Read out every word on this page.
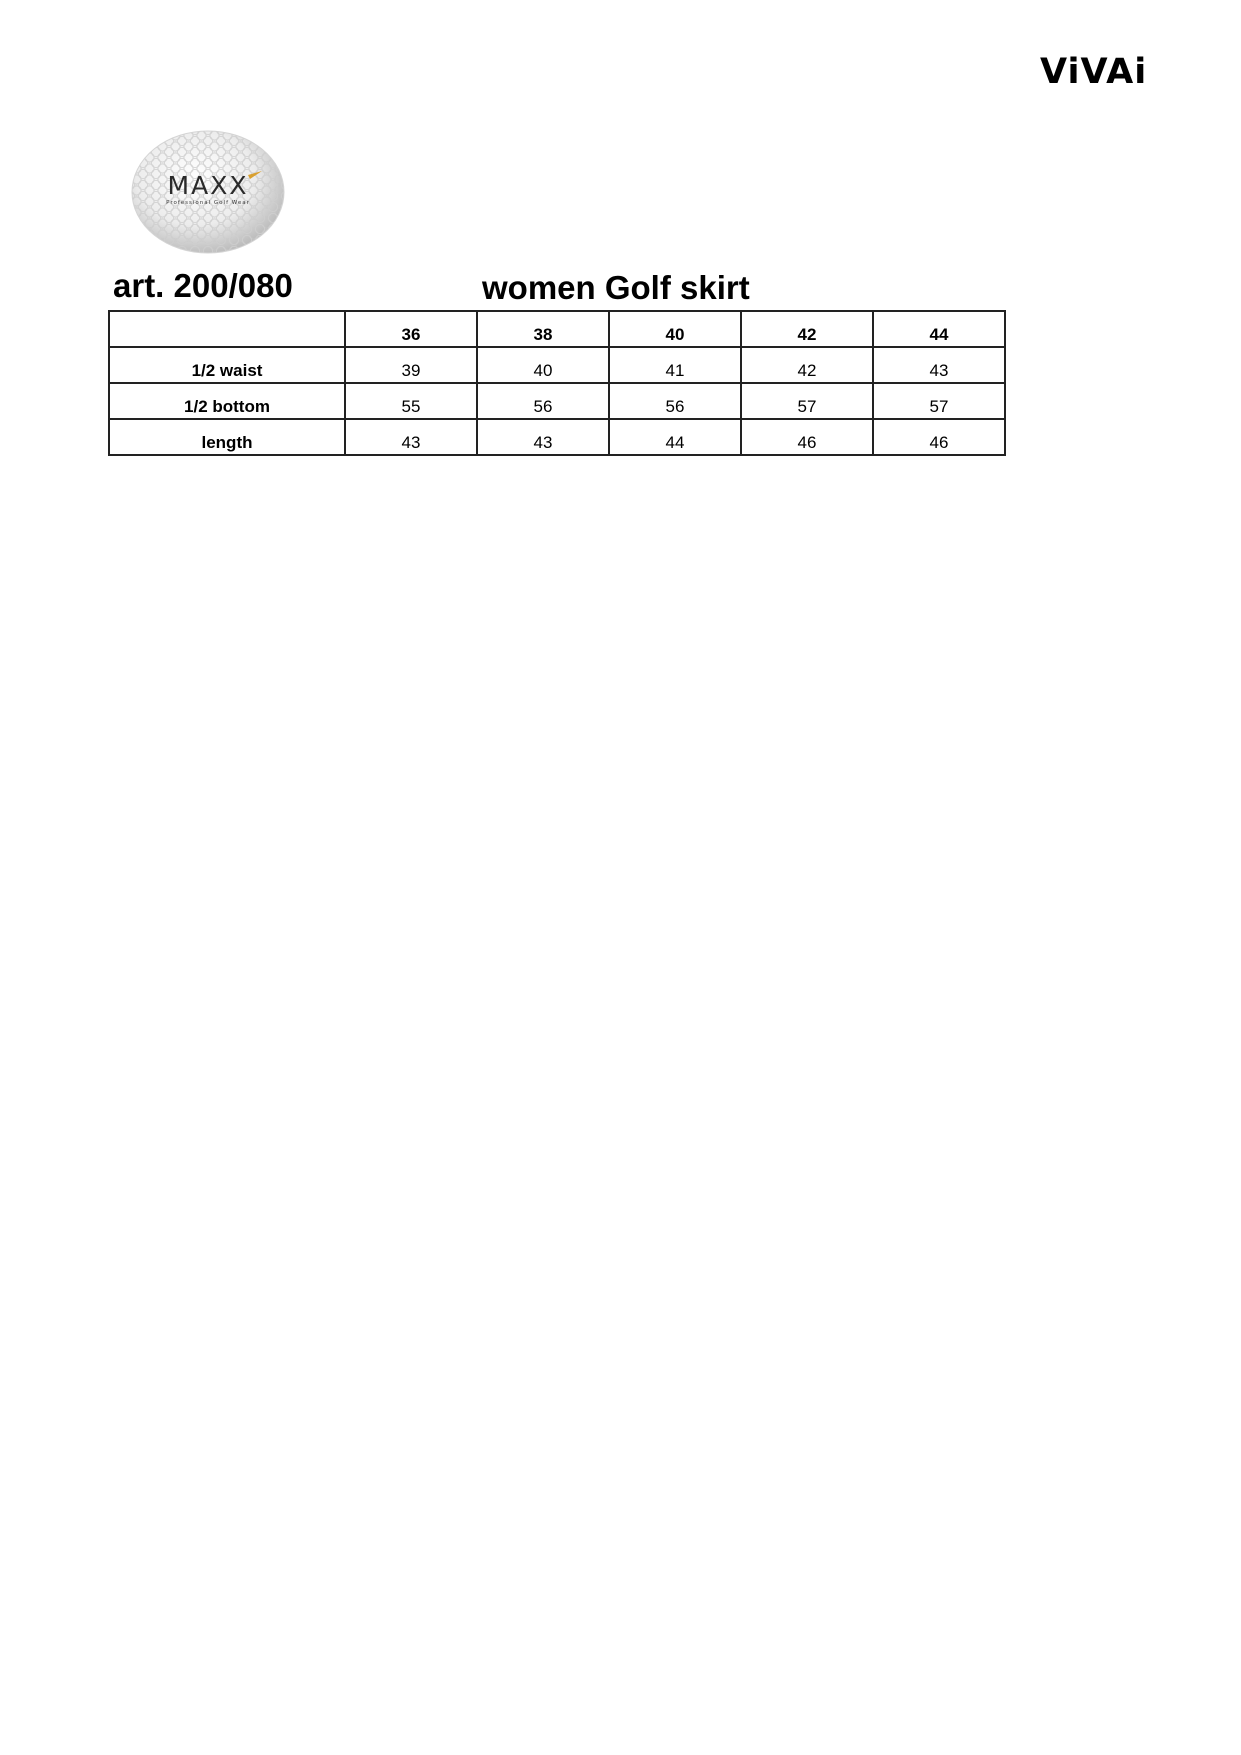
ViVAi
MAXX
Professional Golf Wear
art. 200/080	women Golf skirt
	36	38	40	42	44
1/2 waist	39	40	41	42	43
1/2 bottom	55	56	56	57	57
length	43	43	44	46	46
